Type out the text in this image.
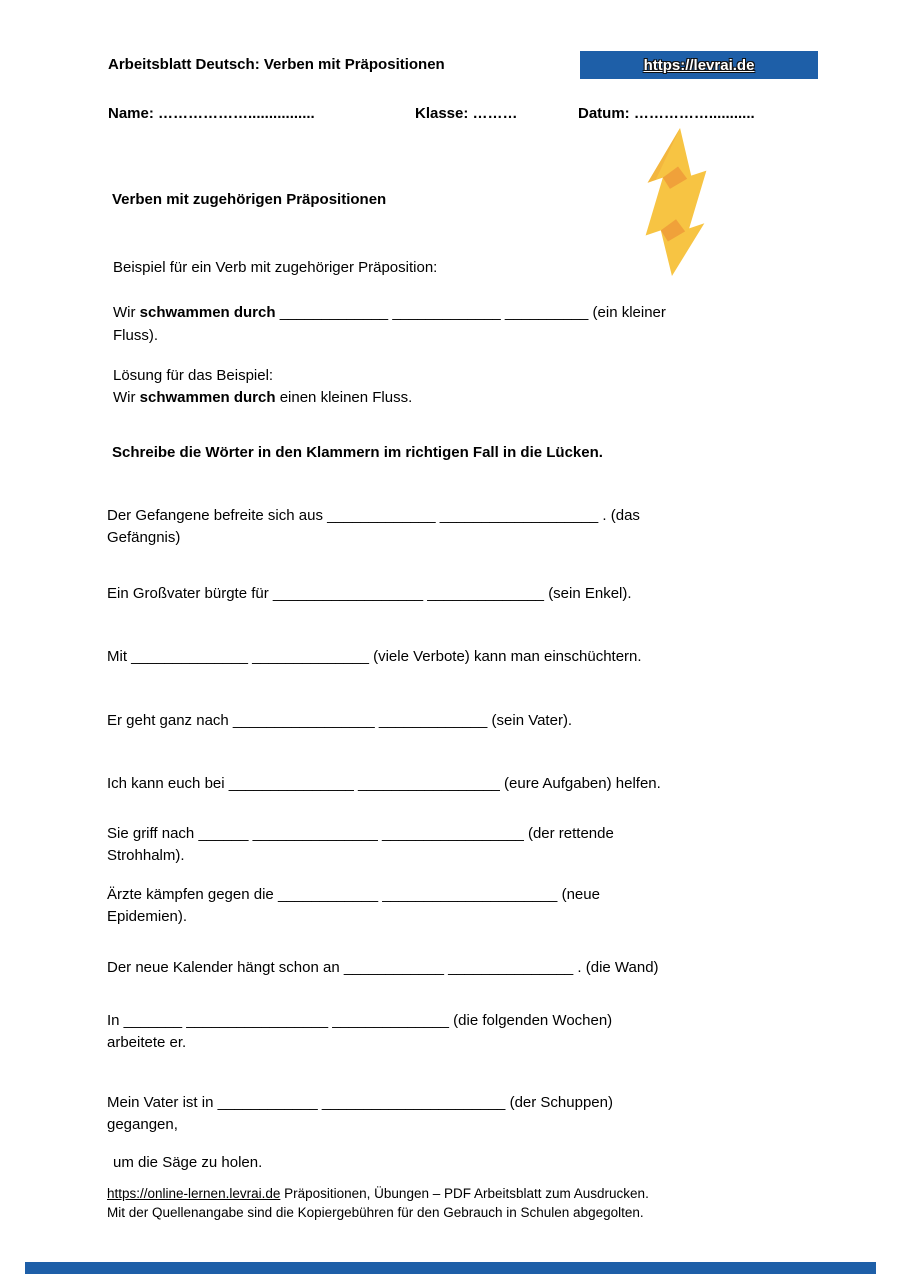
Arbeitsblatt Deutsch: Verben mit Präpositionen	https://levrai.de
Name: ………………................	Klasse: ………	Datum: ……………...........
Verben mit zugehörigen Präpositionen
Beispiel für ein Verb mit zugehöriger Präposition:
Wir schwammen durch _____________ _____________ __________ (ein kleiner
Fluss).
Lösung für das Beispiel:
Wir schwammen durch einen kleinen Fluss.
Schreibe die Wörter in den Klammern im richtigen Fall in die Lücken.
Der Gefangene befreite sich aus _____________ ___________________ . (das
Gefängnis)
Ein Großvater bürgte für __________________ ______________ (sein Enkel).
Mit ______________ ______________ (viele Verbote) kann man einschüchtern.
Er geht ganz nach _________________ _____________ (sein Vater).
Ich kann euch bei _______________ _________________ (eure Aufgaben) helfen.
Sie griff nach ______ _______________ _________________ (der rettende
Strohhalm).
Ärzte kämpfen gegen die ____________ _____________________ (neue
Epidemien).
Der neue Kalender hängt schon an ____________ _______________ . (die Wand)
In _______ _________________ ______________ (die folgenden Wochen)
arbeitete er.
Mein Vater ist in ____________ ______________________ (der Schuppen)
gegangen,
um die Säge zu holen.
https://online-lernen.levrai.de Präpositionen, Übungen – PDF Arbeitsblatt zum Ausdrucken.
Mit der Quellenangabe sind die Kopiergebühren für den Gebrauch in Schulen abgegolten.
